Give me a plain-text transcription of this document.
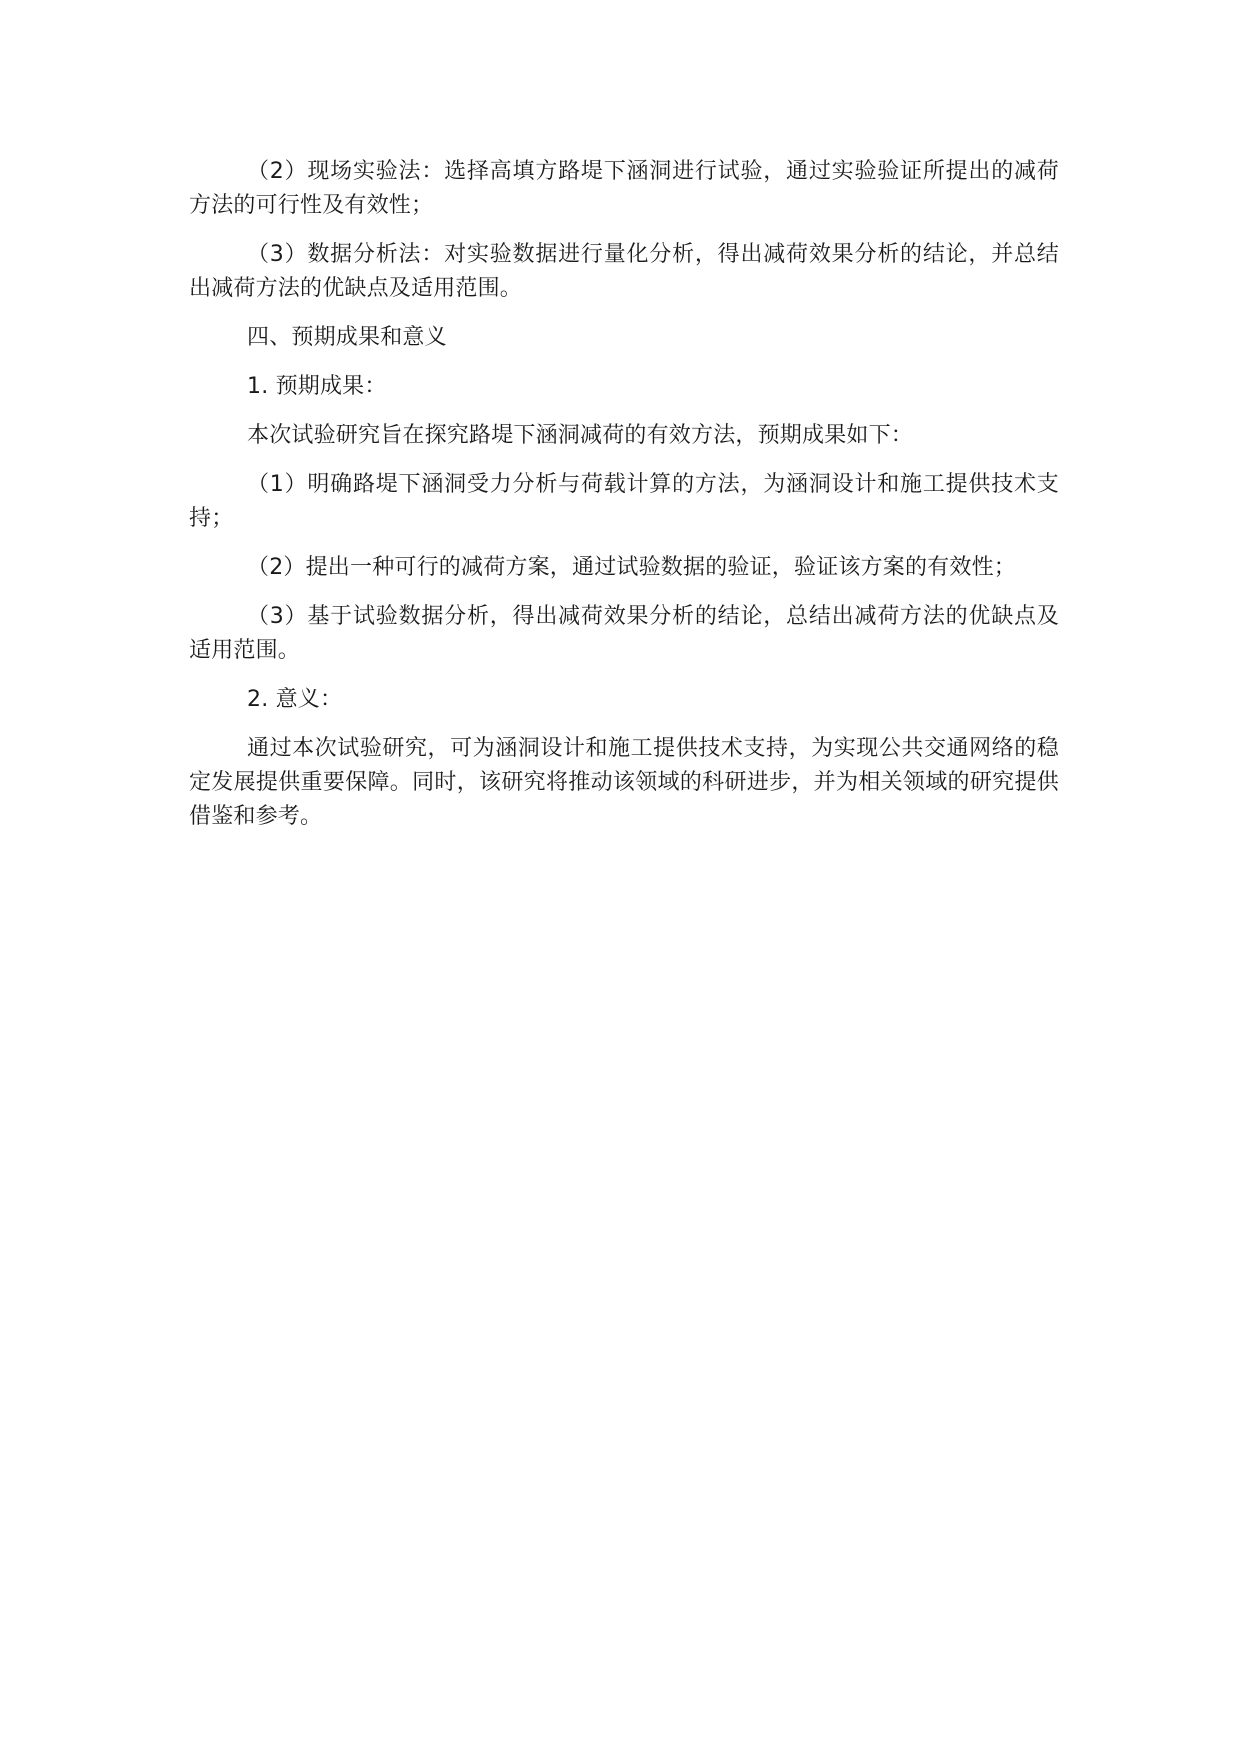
（2）现场实验法：选择高填方路堤下涵洞进行试验，通过实验验证所提出的减荷方法的可行性及有效性；

（3）数据分析法：对实验数据进行量化分析，得出减荷效果分析的结论，并总结出减荷方法的优缺点及适用范围。

四、预期成果和意义

1. 预期成果：

本次试验研究旨在探究路堤下涵洞减荷的有效方法，预期成果如下：

（1）明确路堤下涵洞受力分析与荷载计算的方法，为涵洞设计和施工提供技术支持；

（2）提出一种可行的减荷方案，通过试验数据的验证，验证该方案的有效性；

（3）基于试验数据分析，得出减荷效果分析的结论，总结出减荷方法的优缺点及适用范围。

2. 意义：

通过本次试验研究，可为涵洞设计和施工提供技术支持，为实现公共交通网络的稳定发展提供重要保障。同时，该研究将推动该领域的科研进步，并为相关领域的研究提供借鉴和参考。
